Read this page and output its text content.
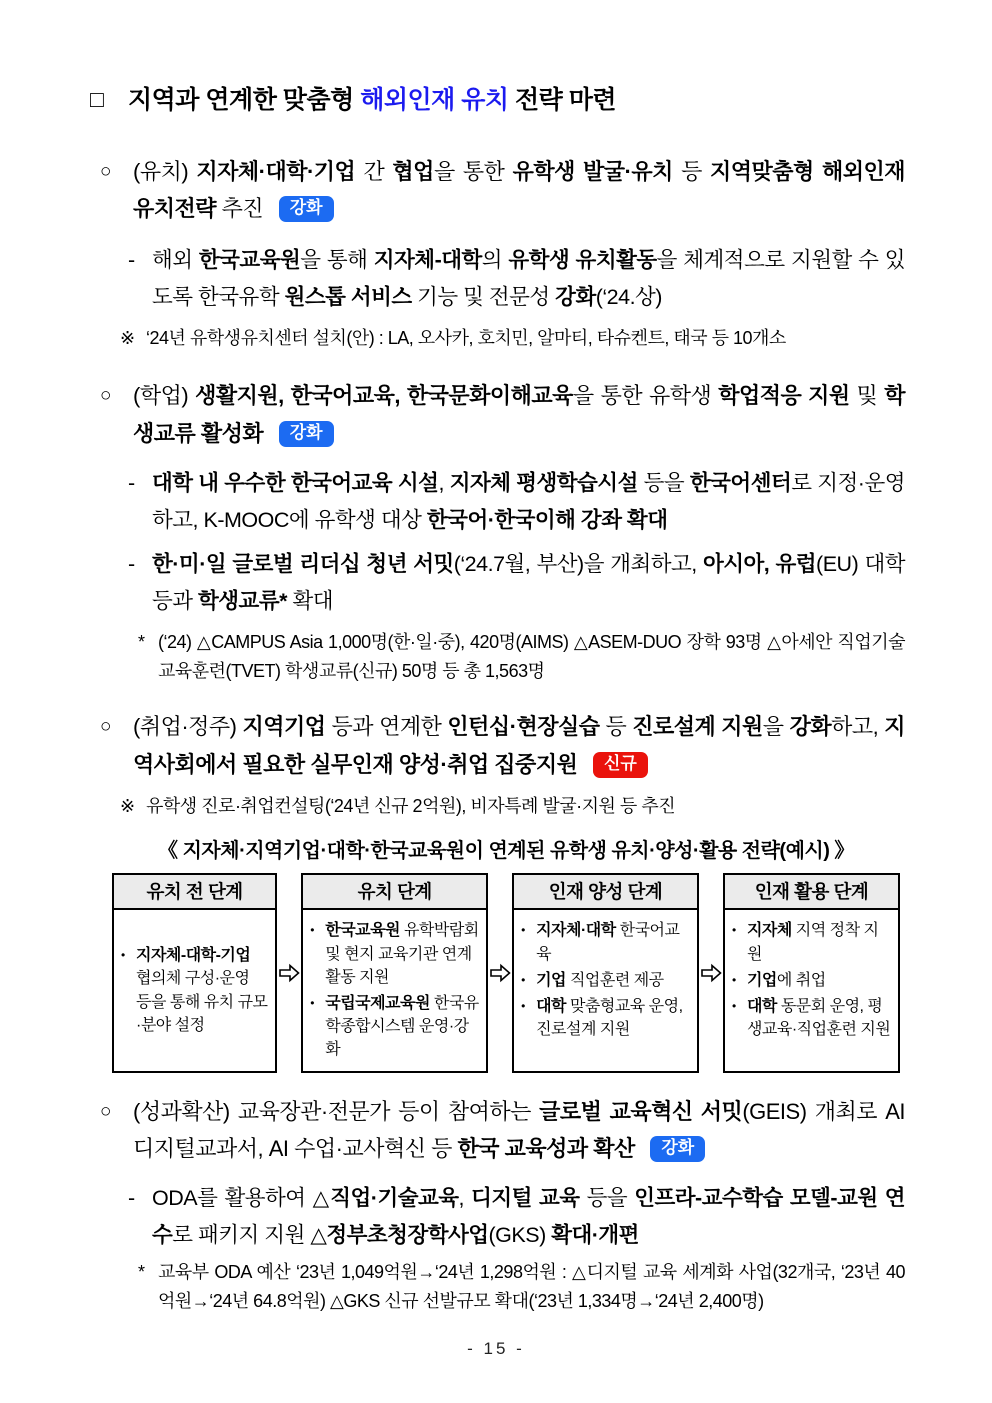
□ 지역과 연계한 맞춤형 해외인재 유치 전략 마련
○	(유치) 지자체·대학·기업 간 협업을 통한 유학생 발굴·유치 등 지역맞춤형 해외인재 유치전략 추진 강화
- 해외 한국교육원을 통해 지자체-대학의 유학생 유치활동을 체계적으로 지원할 수 있도록 한국유학 원스톱 서비스 기능 및 전문성 강화(‘24.상)
※ ‘24년 유학생유치센터 설치(안) : LA, 오사카, 호치민, 알마티, 타슈켄트, 태국 등 10개소
○	(학업) 생활지원, 한국어교육, 한국문화이해교육을 통한 유학생 학업적응 지원 및 학생교류 활성화 강화
- 대학 내 우수한 한국어교육 시설, 지자체 평생학습시설 등을 한국어센터로 지정·운영하고, K-MOOC에 유학생 대상 한국어·한국이해 강좌 확대
- 한·미·일 글로벌 리더십 청년 서밋(‘24.7월, 부산)을 개최하고, 아시아, 유럽(EU) 대학 등과 학생교류* 확대
* (‘24) △CAMPUS Asia 1,000명(한·일·중), 420명(AIMS) △ASEM-DUO 장학 93명 △아세안 직업기술교육훈련(TVET) 학생교류(신규) 50명 등 총 1,563명
○	(취업·정주) 지역기업 등과 연계한 인턴십·현장실습 등 진로설계 지원을 강화하고, 지역사회에서 필요한 실무인재 양성·취업 집중지원 신규
※ 유학생 진로·취업컨설팅(‘24년 신규 2억원), 비자특례 발굴·지원 등 추진
《 지자체·지역기업·대학·한국교육원이 연계된 유학생 유치·양성·활용 전략(예시) 》
유치 전 단계
• 지자체-대학-기업 협의체 구성·운영 등을 통해 유치 규모·분야 설정
유치 단계
• 한국교육원 유학박람회 및 현지 교육기관 연계 활동 지원
• 국립국제교육원 한국유학종합시스템 운영·강화
인재 양성 단계
• 지자체·대학 한국어교육
• 기업 직업훈련 제공
• 대학 맞춤형교육 운영, 진로설계 지원
인재 활용 단계
• 지자체 지역 정착 지원
• 기업에 취업
• 대학 동문회 운영, 평생교육·직업훈련 지원
○	(성과확산) 교육장관·전문가 등이 참여하는 글로벌 교육혁신 서밋(GEIS) 개최로 AI 디지털교과서, AI 수업·교사혁신 등 한국 교육성과 확산 강화
- ODA를 활용하여 △직업·기술교육, 디지털 교육 등을 인프라-교수학습 모델-교원 연수로 패키지 지원 △정부초청장학사업(GKS) 확대·개편
* 교육부 ODA 예산 ‘23년 1,049억원→‘24년 1,298억원 : △디지털 교육 세계화 사업(32개국, ‘23년 40억원→‘24년 64.8억원) △GKS 신규 선발규모 확대(‘23년 1,334명→‘24년 2,400명)
- 15 -
